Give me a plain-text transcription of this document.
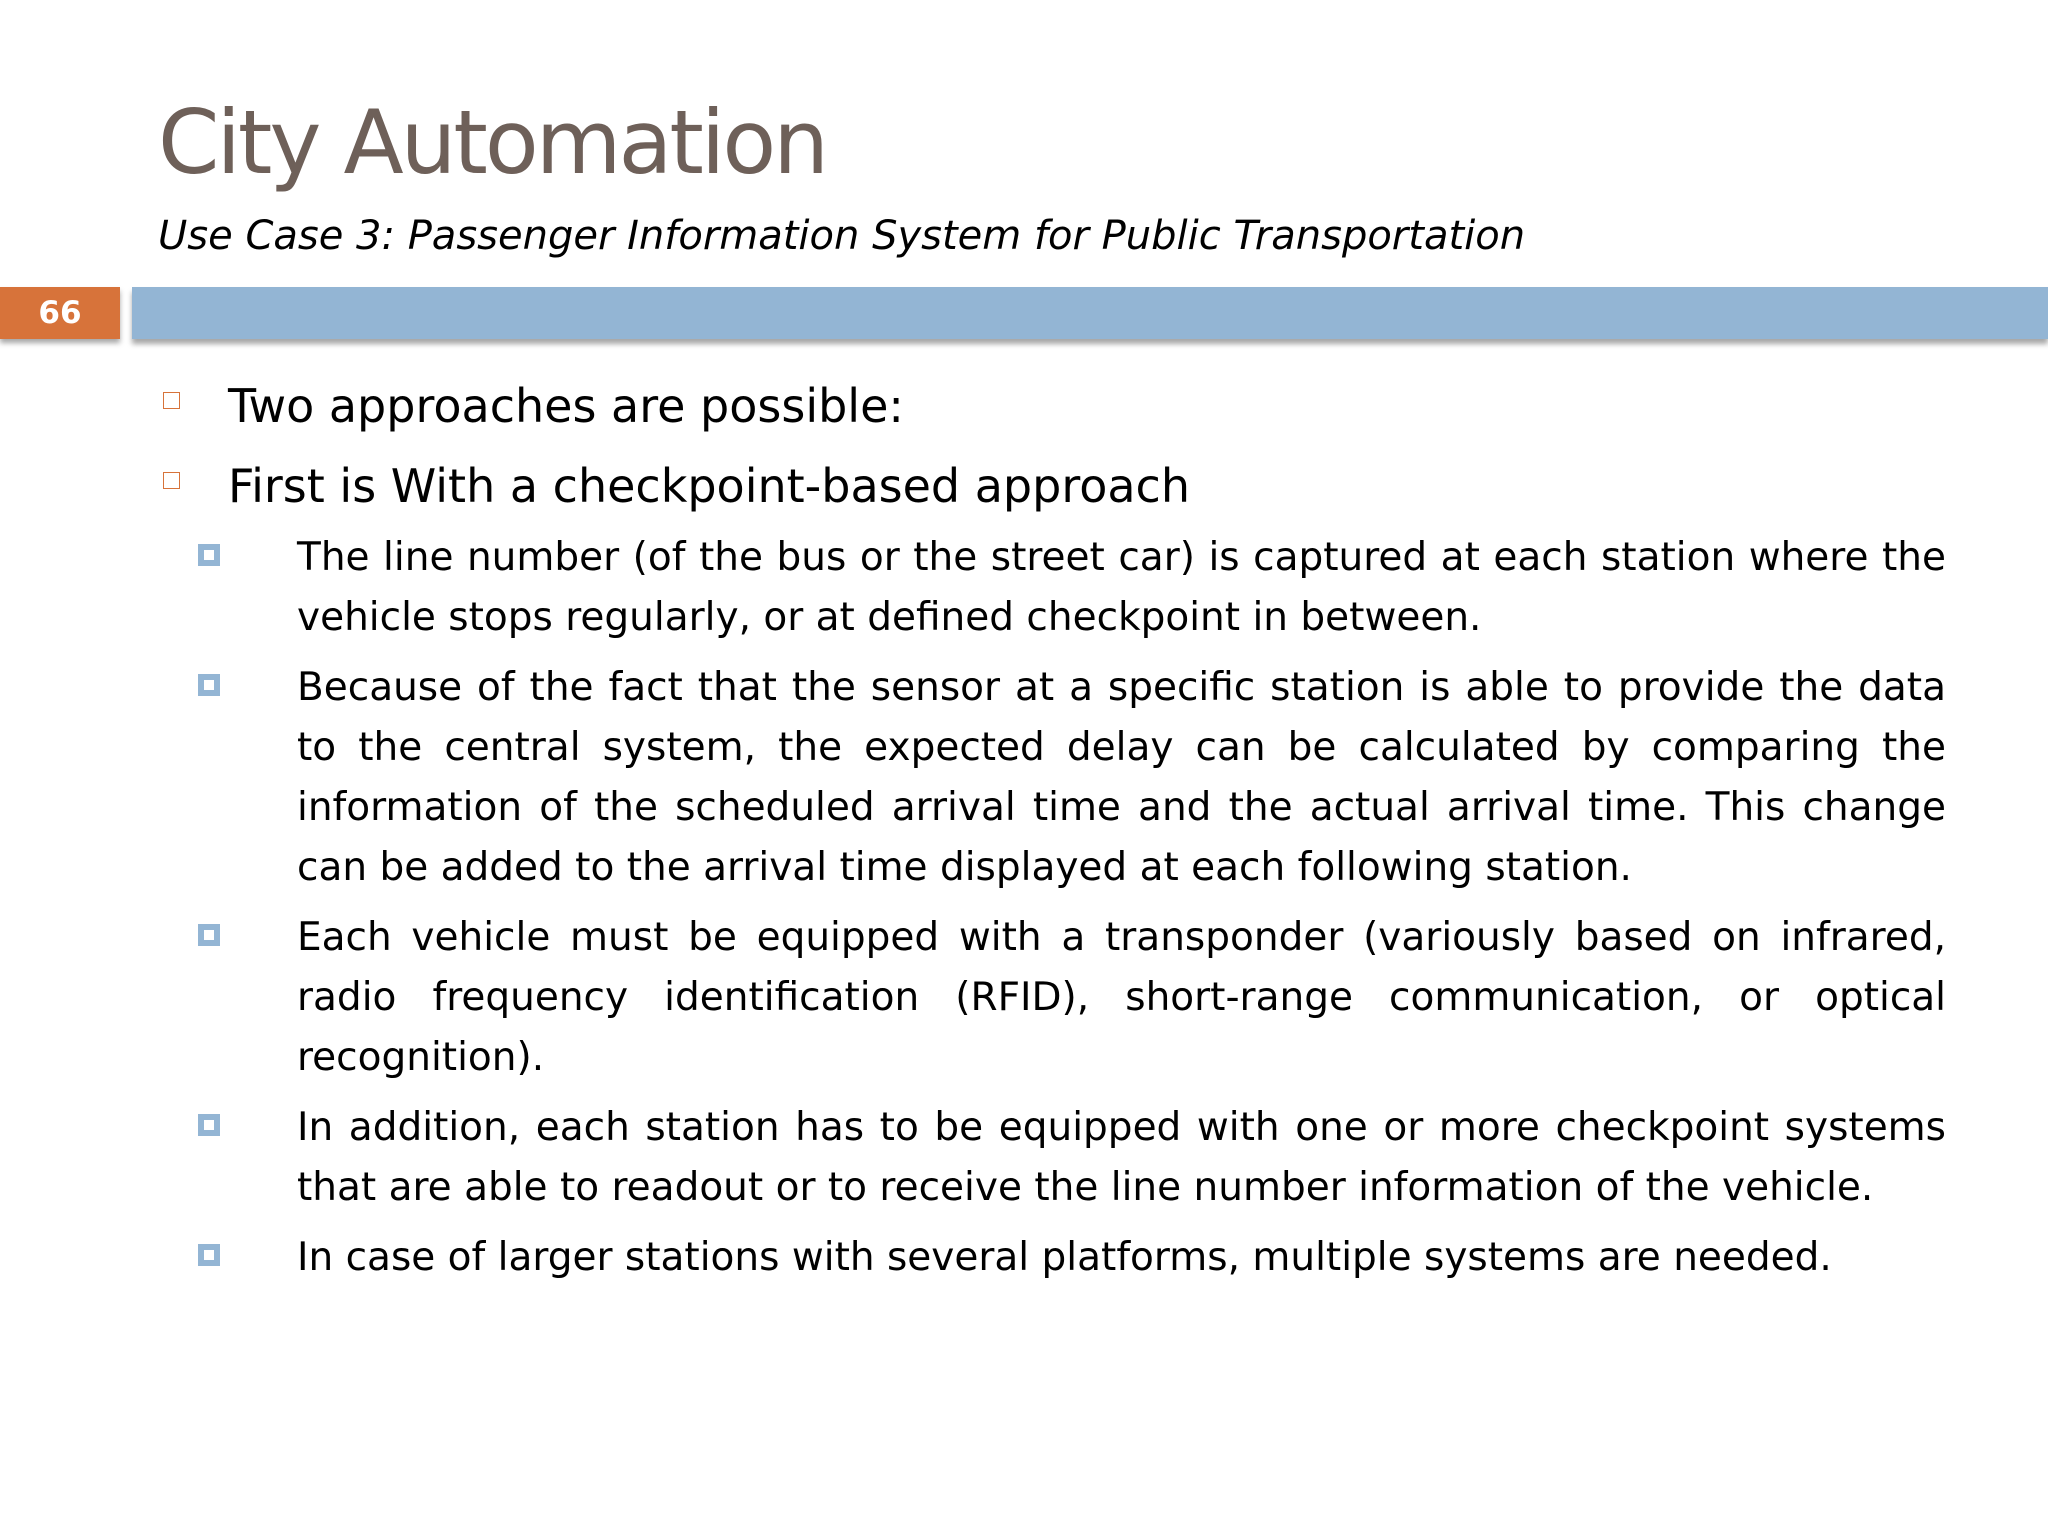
City Automation
Use Case 3: Passenger Information System for Public Transportation
66
Two approaches are possible:
First is With a checkpoint-based approach
The line number (of the bus or the street car) is captured at each station where the vehicle stops regularly, or at defined checkpoint in between.
Because of the fact that the sensor at a specific station is able to provide the data to the central system, the expected delay can be calculated by comparing the information of the scheduled arrival time and the actual arrival time. This change can be added to the arrival time displayed at each following station.
Each vehicle must be equipped with a transponder (variously based on infrared, radio frequency identification (RFID), short-range communication, or optical recognition).
In addition, each station has to be equipped with one or more checkpoint systems that are able to readout or to receive the line number information of the vehicle.
In case of larger stations with several platforms, multiple systems are needed.
